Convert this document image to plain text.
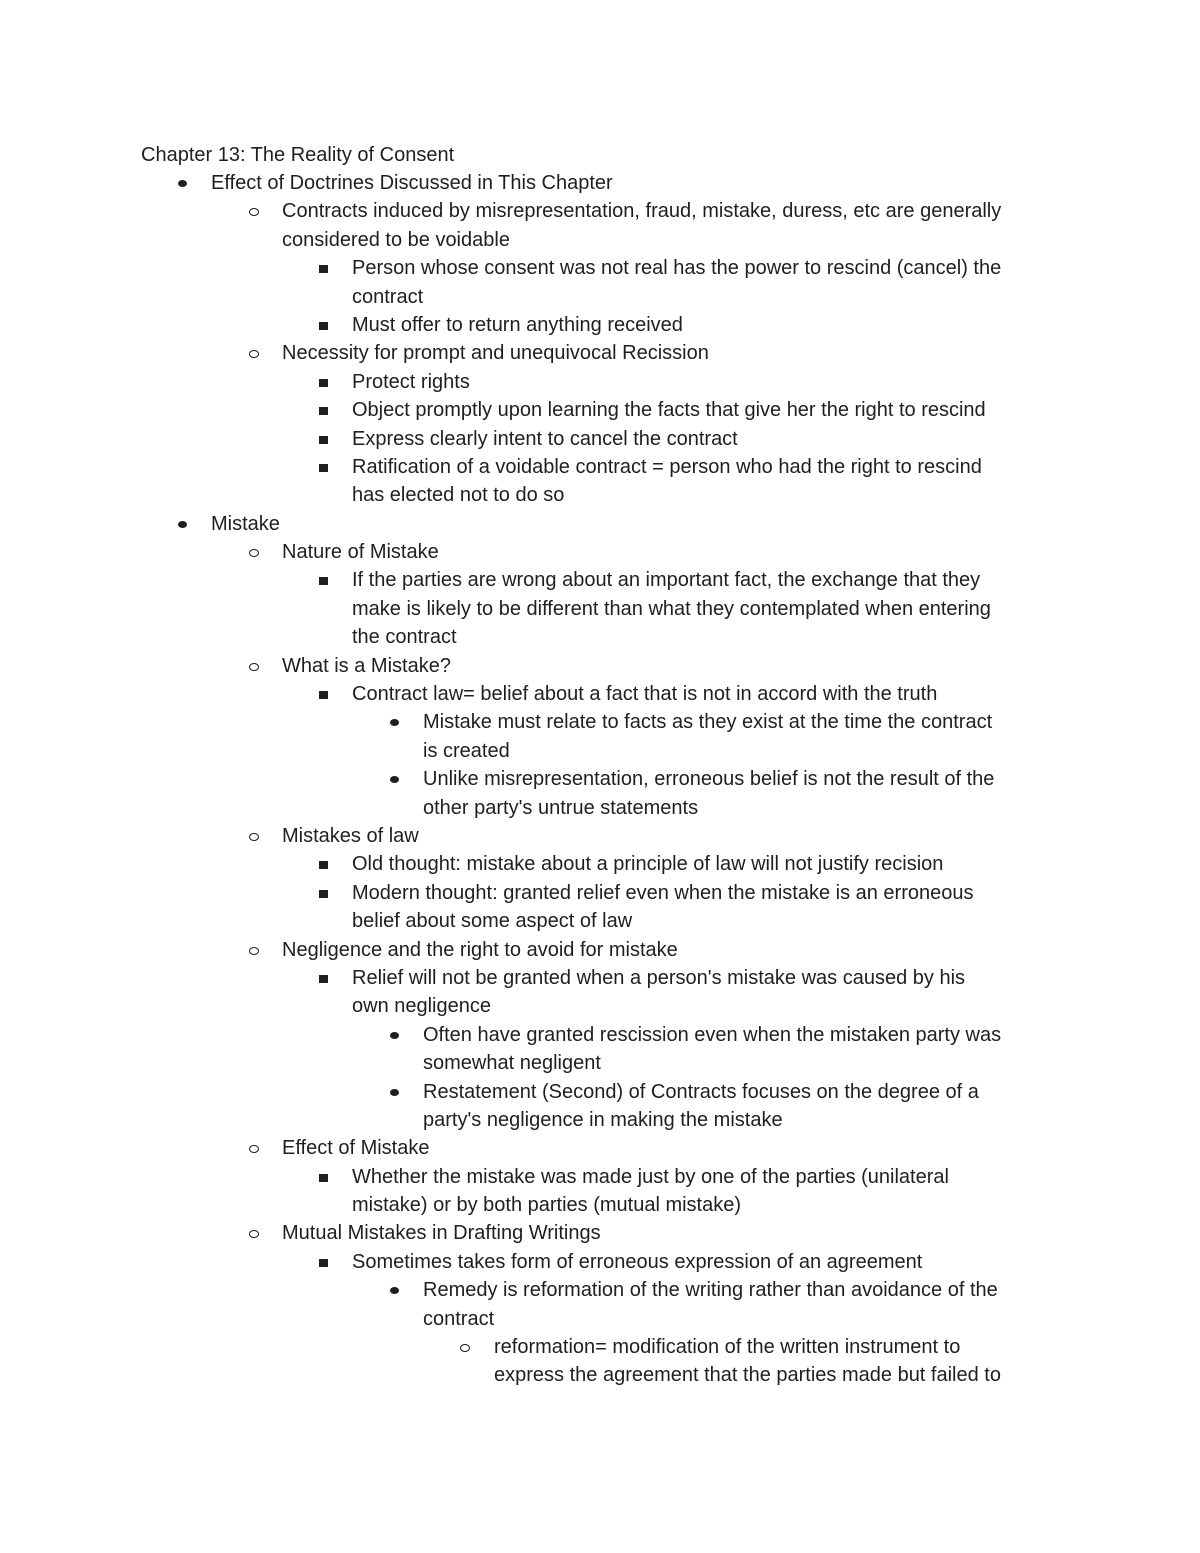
Chapter 13: The Reality of Consent
Effect of Doctrines Discussed in This Chapter
Contracts induced by misrepresentation, fraud, mistake, duress, etc are generally
considered to be voidable
Person whose consent was not real has the power to rescind (cancel) the
contract
Must offer to return anything received
Necessity for prompt and unequivocal Recission
Protect rights
Object promptly upon learning the facts that give her the right to rescind
Express clearly intent to cancel the contract
Ratification of a voidable contract = person who had the right to rescind
has elected not to do so
Mistake
Nature of Mistake
If the parties are wrong about an important fact, the exchange that they
make is likely to be different than what they contemplated when entering
the contract
What is a Mistake?
Contract law= belief about a fact that is not in accord with the truth
Mistake must relate to facts as they exist at the time the contract
is created
Unlike misrepresentation, erroneous belief is not the result of the
other party's untrue statements
Mistakes of law
Old thought: mistake about a principle of law will not justify recision
Modern thought: granted relief even when the mistake is an erroneous
belief about some aspect of law
Negligence and the right to avoid for mistake
Relief will not be granted when a person's mistake was caused by his
own negligence
Often have granted rescission even when the mistaken party was
somewhat negligent
Restatement (Second) of Contracts focuses on the degree of a
party's negligence in making the mistake
Effect of Mistake
Whether the mistake was made just by one of the parties (unilateral
mistake) or by both parties (mutual mistake)
Mutual Mistakes in Drafting Writings
Sometimes takes form of erroneous expression of an agreement
Remedy is reformation of the writing rather than avoidance of the
contract
reformation= modification of the written instrument to
express the agreement that the parties made but failed to
